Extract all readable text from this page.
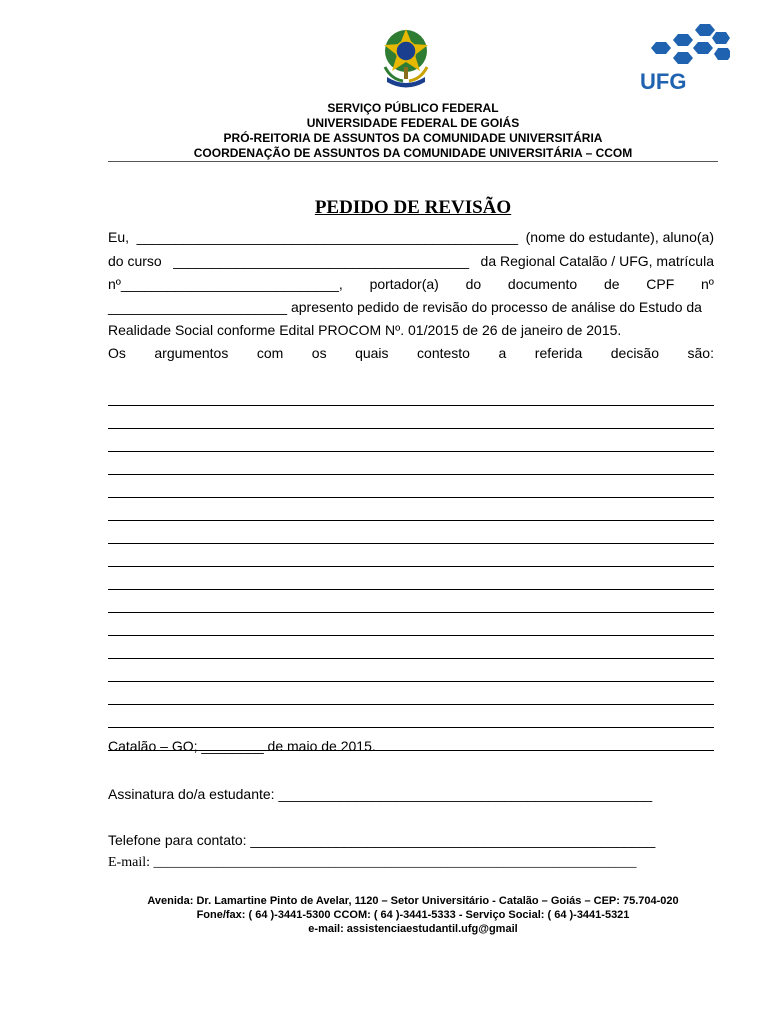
UFG
SERVIÇO PÚBLICO FEDERAL
UNIVERSIDADE FEDERAL DE GOIÁS
PRÓ-REITORIA DE ASSUNTOS DA COMUNIDADE UNIVERSITÁRIA
COORDENAÇÃO DE ASSUNTOS DA COMUNIDADE UNIVERSITÁRIA – CCOM
PEDIDO DE REVISÃO
Eu, _________________________________________________ (nome do estudante), aluno(a)
do curso ______________________________________ da Regional Catalão / UFG, matrícula
nº____________________________, portador(a) do documento de CPF nº
_______________________ apresento pedido de revisão do processo de análise do Estudo da
Realidade Social conforme Edital PROCOM Nº. 01/2015 de 26 de janeiro de 2015.
Os argumentos com os quais contesto a referida decisão são:
Catalão – GO; ________ de maio de 2015.
Assinatura do/a estudante: ________________________________________________
Telefone para contato: ____________________________________________________
E-mail: _____________________________________________________________________
Avenida: Dr. Lamartine Pinto de Avelar, 1120 – Setor Universitário - Catalão – Goiás – CEP: 75.704-020
Fone/fax: ( 64 )-3441-5300 CCOM: ( 64 )-3441-5333 - Serviço Social: ( 64 )-3441-5321
e-mail: assistenciaestudantil.ufg@gmail
